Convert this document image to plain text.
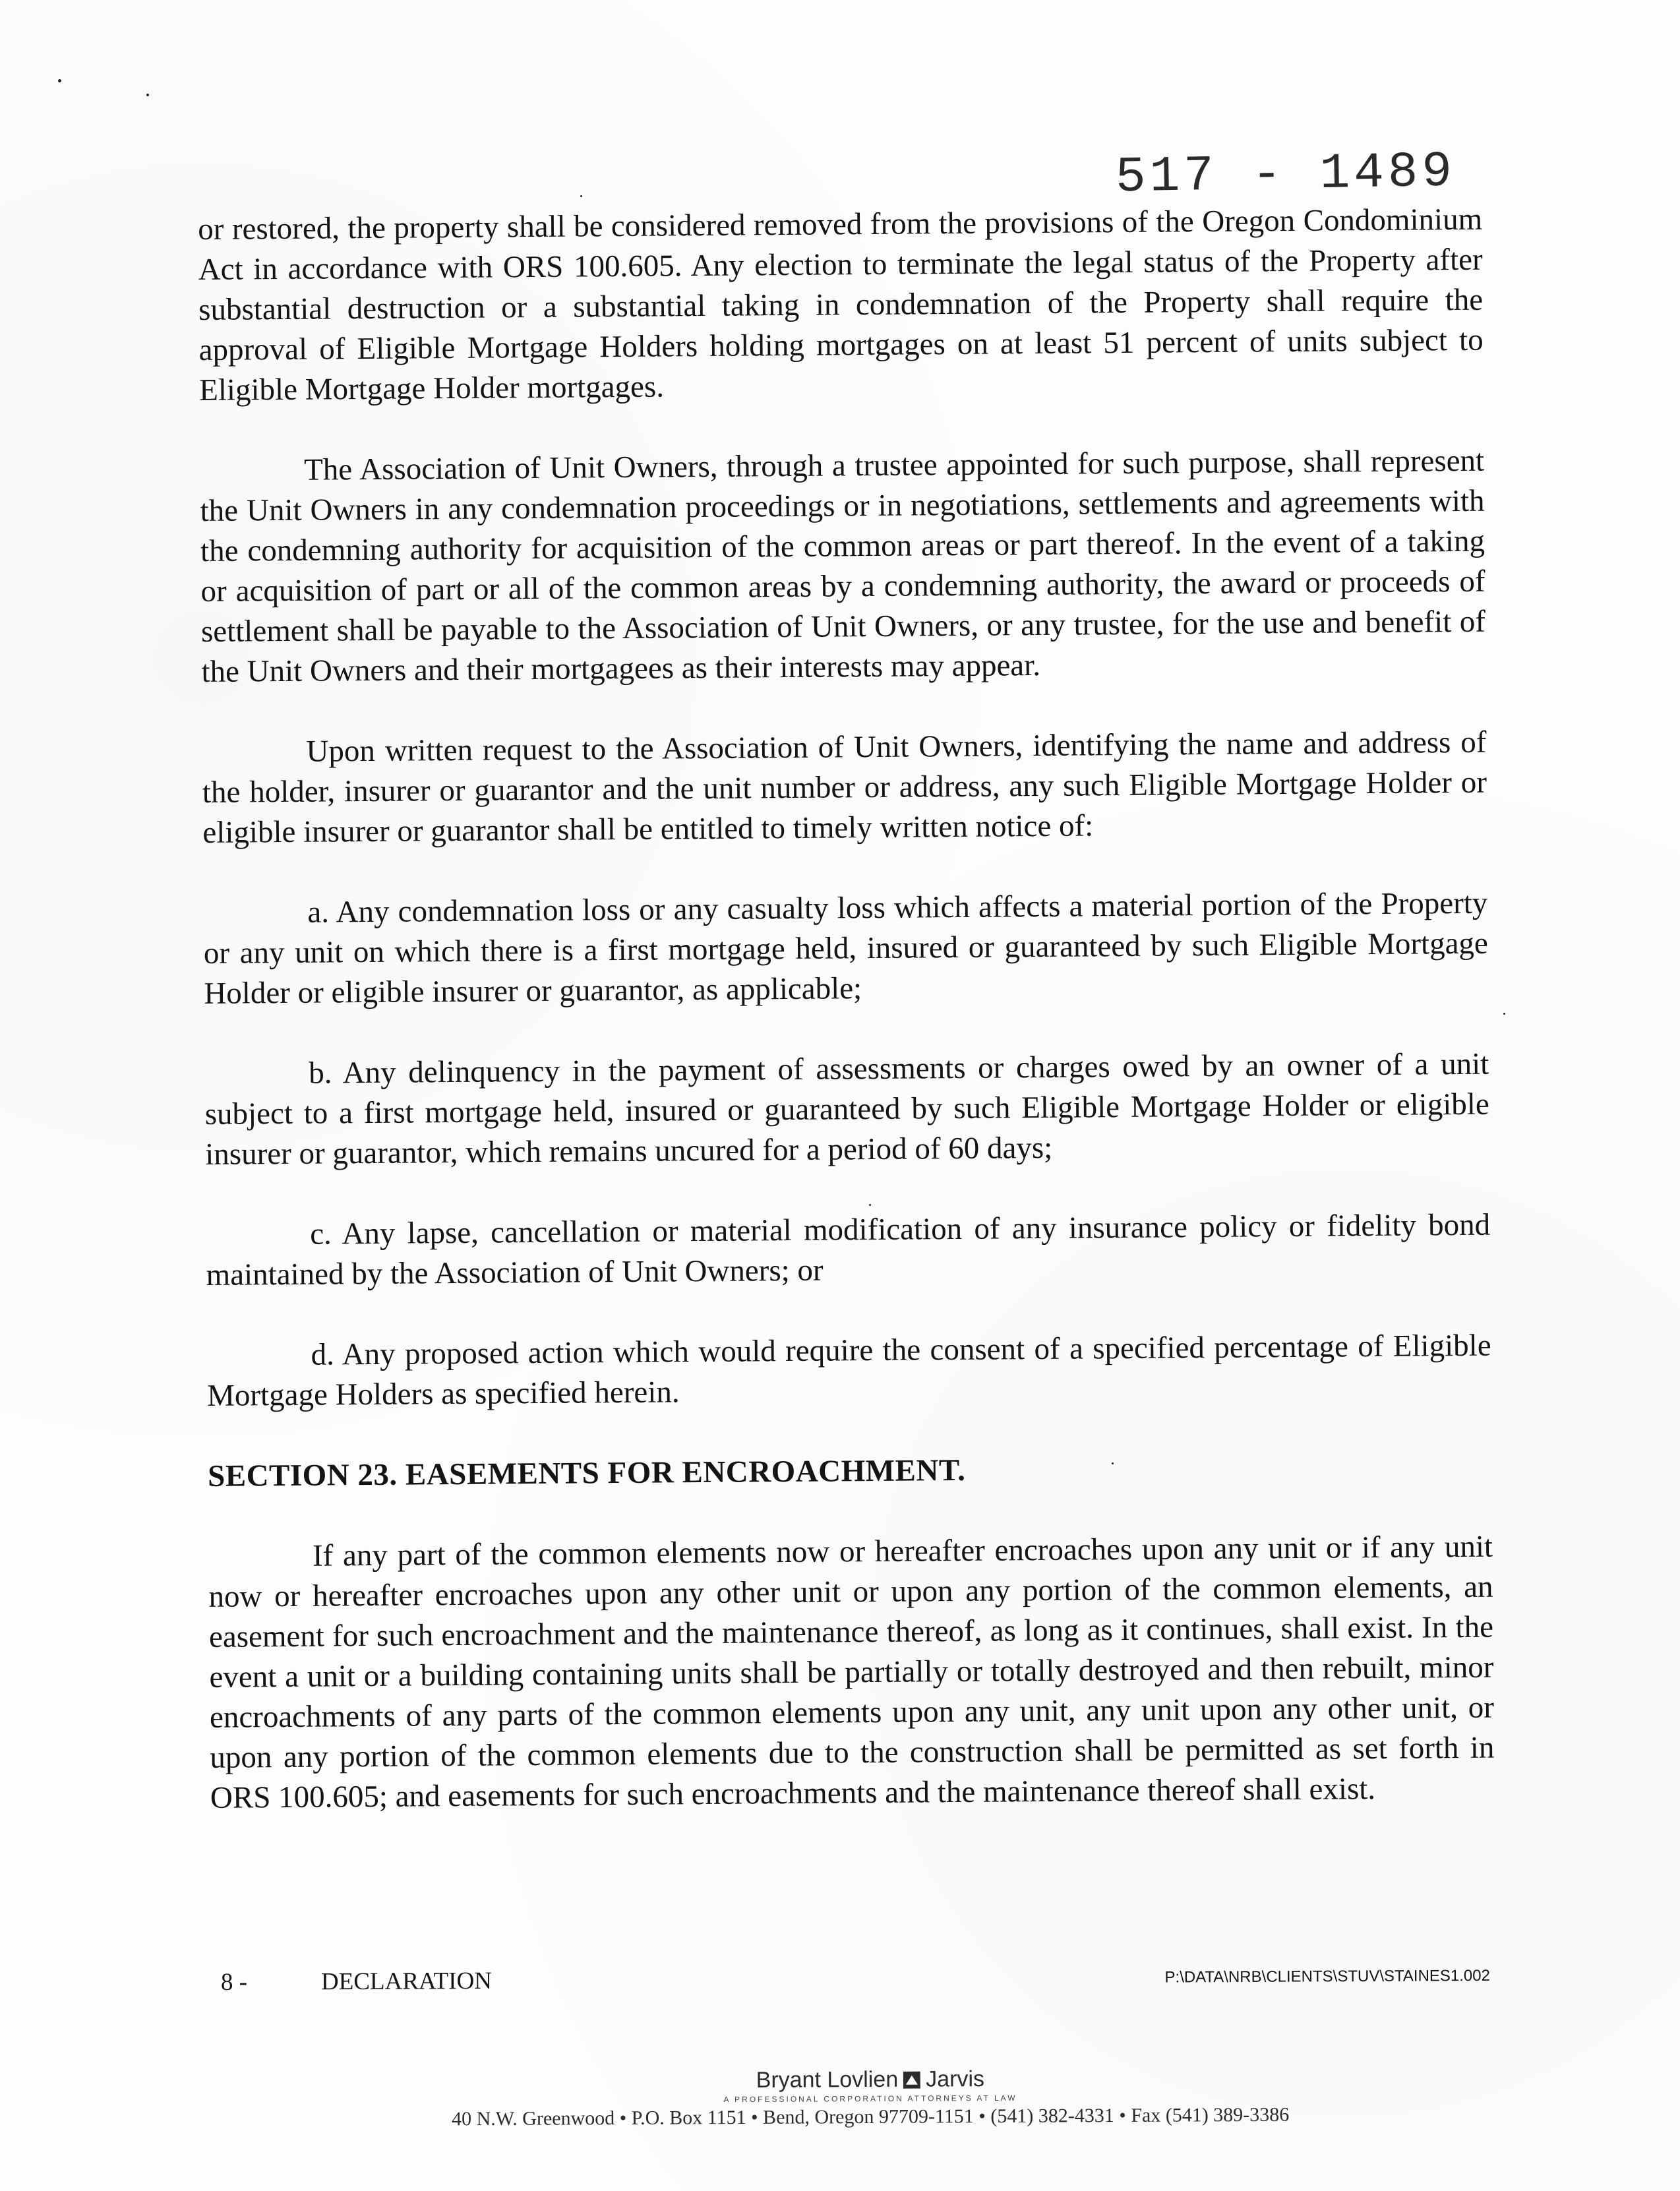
517 - 1489

or restored, the property shall be considered removed from the provisions of the Oregon Condominium Act in accordance with ORS 100.605. Any election to terminate the legal status of the Property after substantial destruction or a substantial taking in condemnation of the Property shall require the approval of Eligible Mortgage Holders holding mortgages on at least 51 percent of units subject to Eligible Mortgage Holder mortgages.

The Association of Unit Owners, through a trustee appointed for such purpose, shall represent the Unit Owners in any condemnation proceedings or in negotiations, settlements and agreements with the condemning authority for acquisition of the common areas or part thereof. In the event of a taking or acquisition of part or all of the common areas by a condemning authority, the award or proceeds of settlement shall be payable to the Association of Unit Owners, or any trustee, for the use and benefit of the Unit Owners and their mortgagees as their interests may appear.

Upon written request to the Association of Unit Owners, identifying the name and address of the holder, insurer or guarantor and the unit number or address, any such Eligible Mortgage Holder or eligible insurer or guarantor shall be entitled to timely written notice of:

a. Any condemnation loss or any casualty loss which affects a material portion of the Property or any unit on which there is a first mortgage held, insured or guaranteed by such Eligible Mortgage Holder or eligible insurer or guarantor, as applicable;

b. Any delinquency in the payment of assessments or charges owed by an owner of a unit subject to a first mortgage held, insured or guaranteed by such Eligible Mortgage Holder or eligible insurer or guarantor, which remains uncured for a period of 60 days;

c. Any lapse, cancellation or material modification of any insurance policy or fidelity bond maintained by the Association of Unit Owners; or

d. Any proposed action which would require the consent of a specified percentage of Eligible Mortgage Holders as specified herein.

SECTION 23. EASEMENTS FOR ENCROACHMENT.

If any part of the common elements now or hereafter encroaches upon any unit or if any unit now or hereafter encroaches upon any other unit or upon any portion of the common elements, an easement for such encroachment and the maintenance thereof, as long as it continues, shall exist. In the event a unit or a building containing units shall be partially or totally destroyed and then rebuilt, minor encroachments of any parts of the common elements upon any unit, any unit upon any other unit, or upon any portion of the common elements due to the construction shall be permitted as set forth in ORS 100.605; and easements for such encroachments and the maintenance thereof shall exist.

8 -	DECLARATION	P:\DATA\NRB\CLIENTS\STUV\STAINES1.002
Bryant Lovlien Jarvis
A PROFESSIONAL CORPORATION ATTORNEYS AT LAW
40 N.W. Greenwood • P.O. Box 1151 • Bend, Oregon 97709-1151 • (541) 382-4331 • Fax (541) 389-3386
